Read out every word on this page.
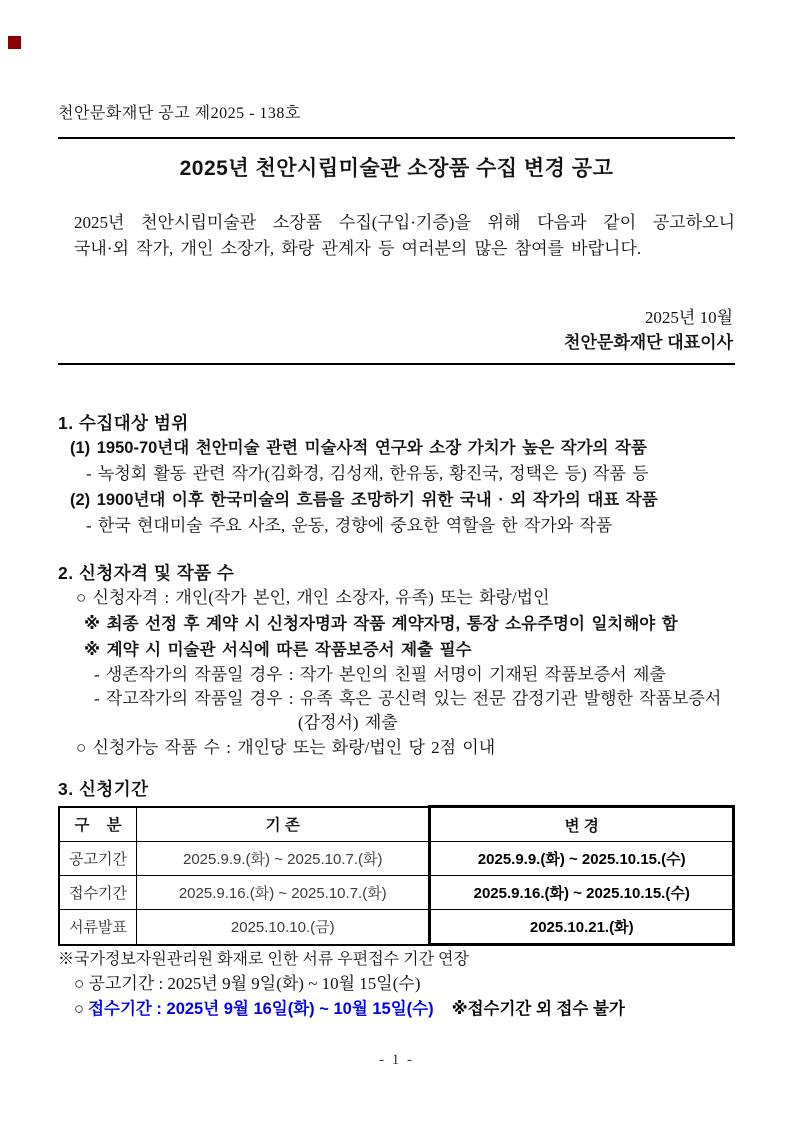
천안문화재단 공고 제2025 - 138호
2025년 천안시립미술관 소장품 수집 변경 공고

2025년 천안시립미술관 소장품 수집(구입·기증)을 위해 다음과 같이 공고하오니

국내·외 작가, 개인 소장가, 화랑 관계자 등 여러분의 많은 참여를 바랍니다.

2025년 10월
천안문화재단 대표이사
1. 수집대상 범위
(1) 1950-70년대 천안미술 관련 미술사적 연구와 소장 가치가 높은 작가의 작품
- 녹청회 활동 관련 작가(김화경, 김성재, 한유동, 황진국, 정택은 등) 작품 등
(2) 1900년대 이후 한국미술의 흐름을 조망하기 위한 국내 · 외 작가의 대표 작품
- 한국 현대미술 주요 사조, 운동, 경향에 중요한 역할을 한 작가와 작품
2. 신청자격 및 작품 수
○ 신청자격 : 개인(작가 본인, 개인 소장자, 유족) 또는 화랑/법인
※ 최종 선정 후 계약 시 신청자명과 작품 계약자명, 통장 소유주명이 일치해야 함
※ 계약 시 미술관 서식에 따른 작품보증서 제출 필수
- 생존작가의 작품일 경우 : 작가 본인의 친필 서명이 기재된 작품보증서 제출
- 작고작가의 작품일 경우 : 유족 혹은 공신력 있는 전문 감정기관 발행한 작품보증서
(감정서) 제출
○ 신청가능 작품 수 : 개인당 또는 화랑/법인 당 2점 이내
3. 신청기간
구    분	기 존	변 경
공고기간	2025.9.9.(화) ~ 2025.10.7.(화)	2025.9.9.(화) ~ 2025.10.15.(수)
접수기간	2025.9.16.(화) ~ 2025.10.7.(화)	2025.9.16.(화) ~ 2025.10.15.(수)
서류발표	2025.10.10.(금)	2025.10.21.(화)
※국가정보자원관리원 화재로 인한 서류 우편접수 기간 연장
○ 공고기간 : 2025년 9월 9일(화) ~ 10월 15일(수)
○ 접수기간 : 2025년 9월 16일(화) ~ 10월 15일(수) ※접수기간 외 접수 불가
- 1 -
